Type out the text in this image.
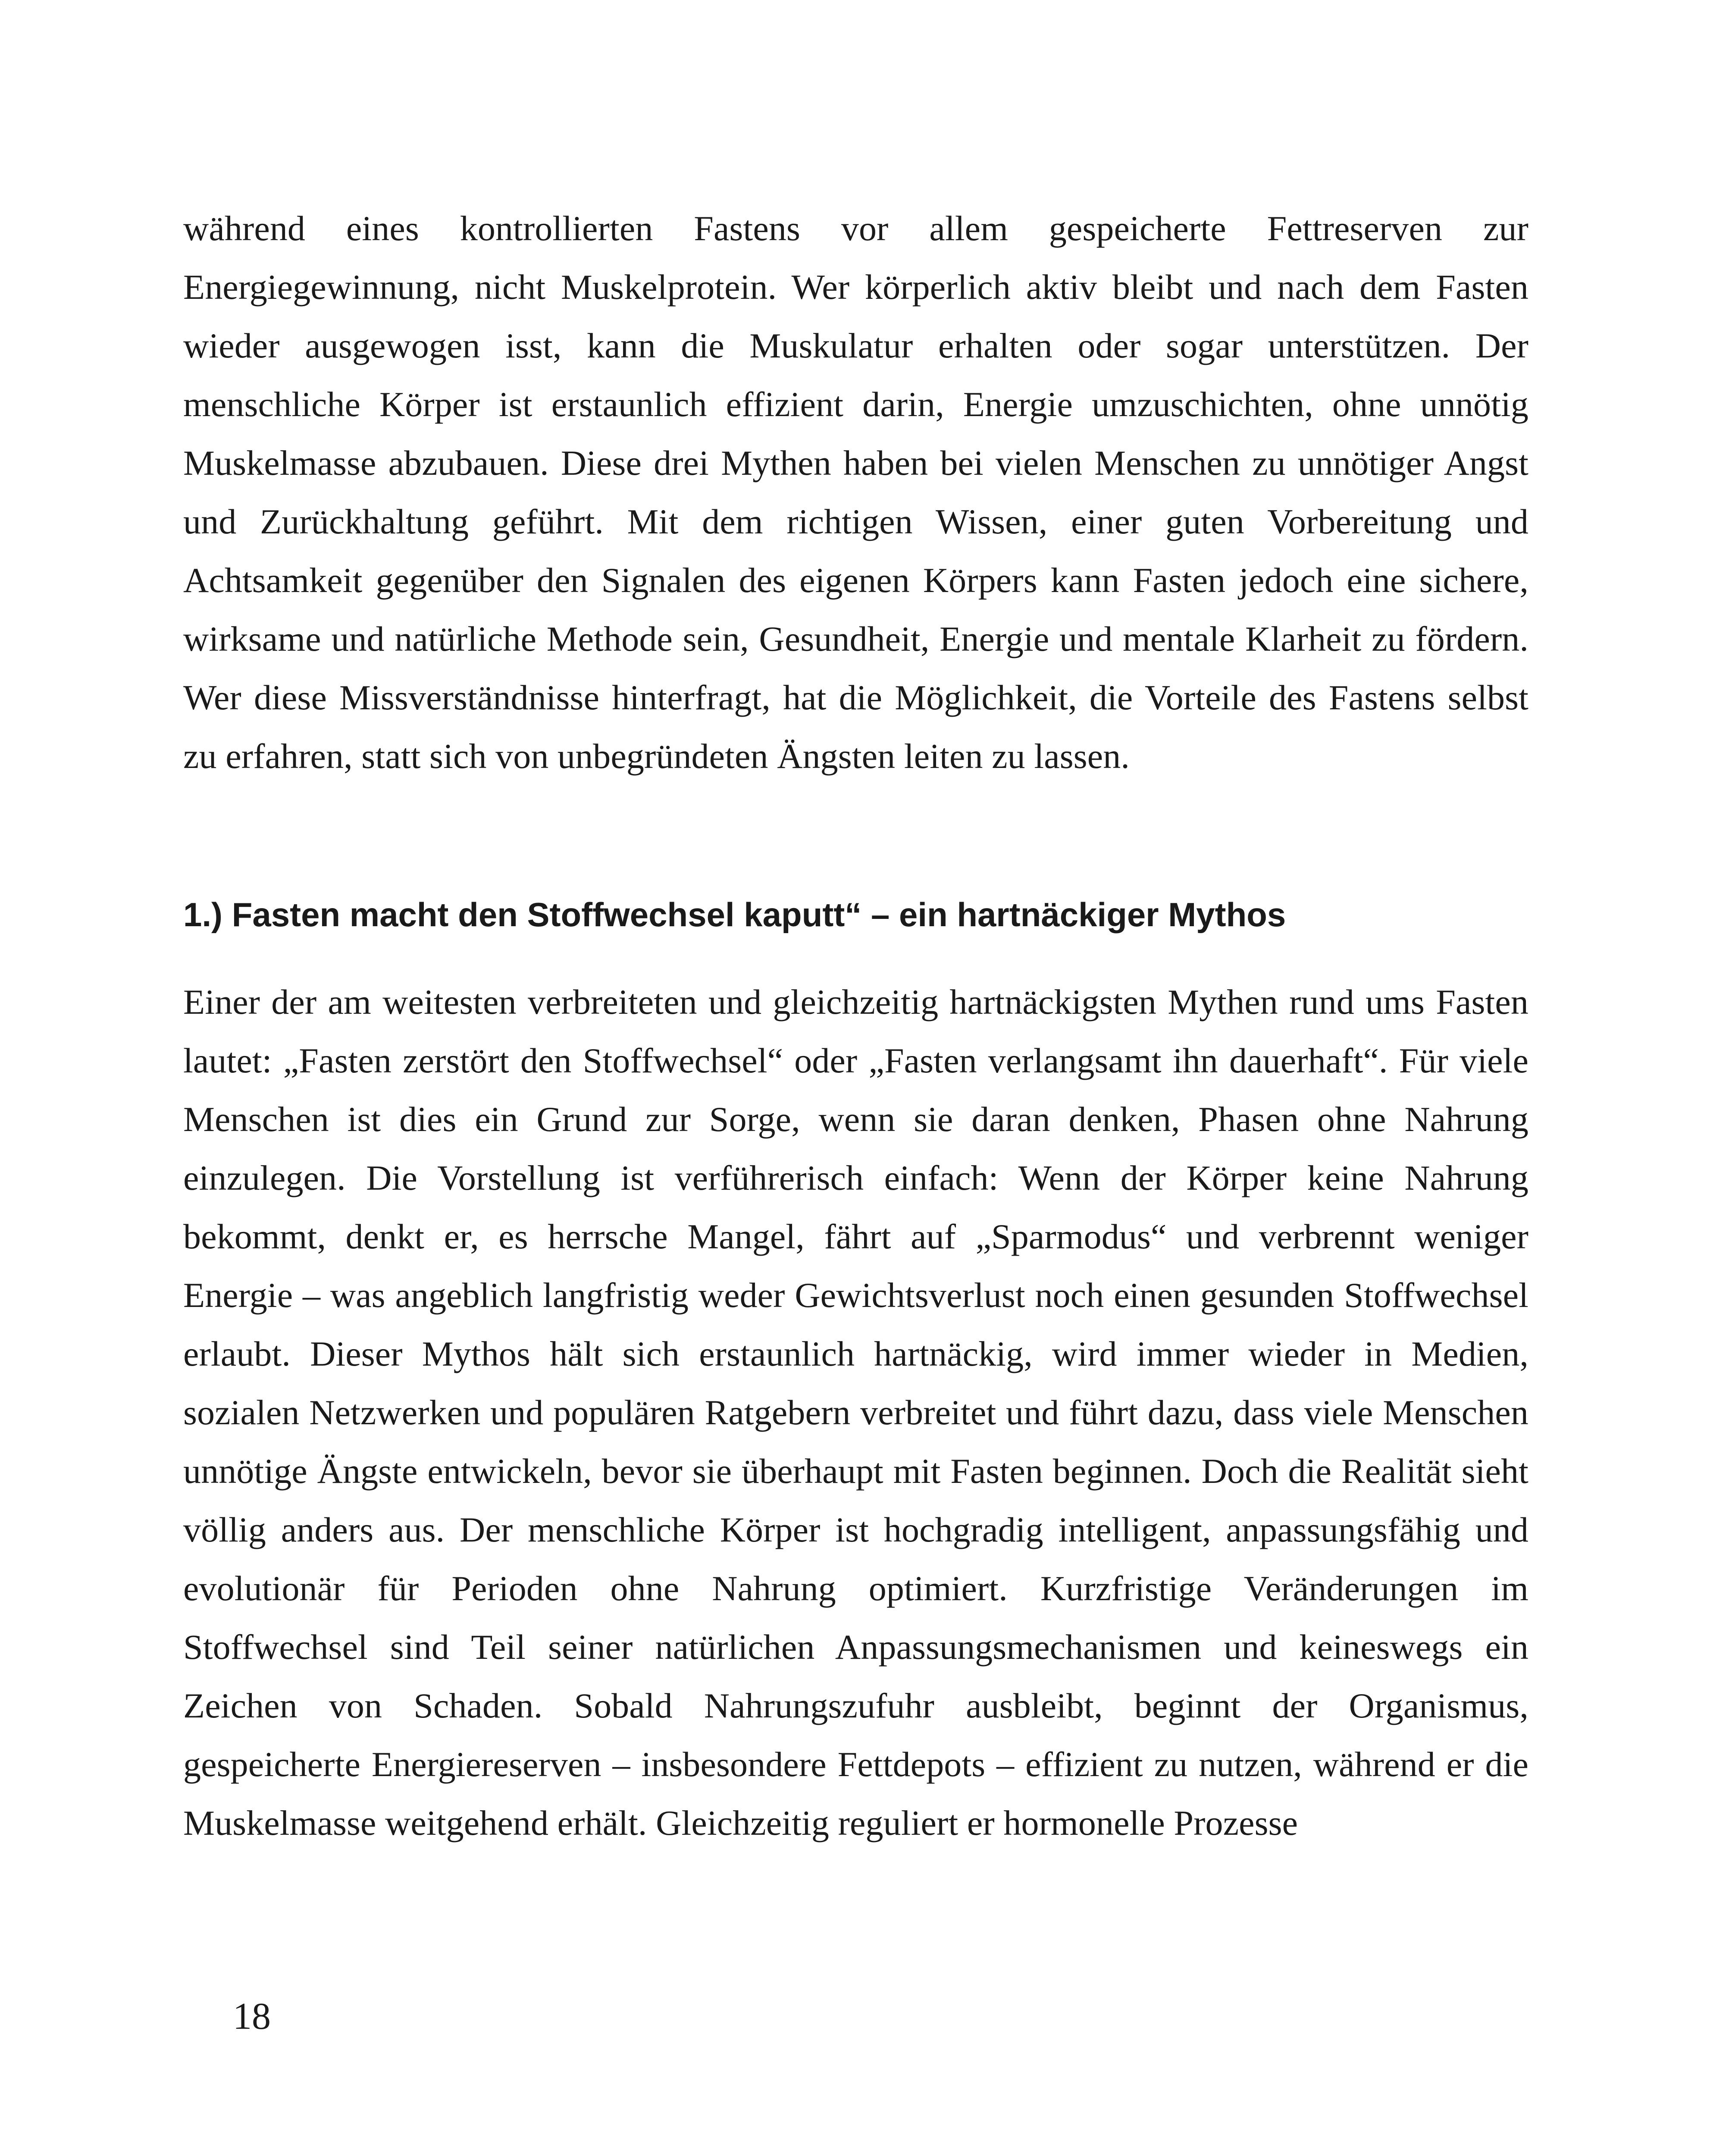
während eines kontrollierten Fastens vor allem gespeicherte Fettreserven zur Energiegewinnung, nicht Muskelprotein. Wer körperlich aktiv bleibt und nach dem Fasten wieder ausgewogen isst, kann die Muskulatur erhalten oder sogar unterstützen. Der menschliche Körper ist erstaunlich effizient darin, Energie umzuschichten, ohne unnötig Muskelmasse abzubauen. Diese drei Mythen haben bei vielen Menschen zu unnötiger Angst und Zurückhaltung geführt. Mit dem richtigen Wissen, einer guten Vorbereitung und Achtsamkeit gegenüber den Signalen des eigenen Körpers kann Fasten jedoch eine sichere, wirksame und natürliche Methode sein, Gesundheit, Energie und mentale Klarheit zu fördern. Wer diese Missverständnisse hinterfragt, hat die Möglichkeit, die Vorteile des Fastens selbst zu erfahren, statt sich von unbegründeten Ängsten leiten zu lassen.

1.) Fasten macht den Stoffwechsel kaputt“ – ein hartnäckiger Mythos

Einer der am weitesten verbreiteten und gleichzeitig hartnäckigsten Mythen rund ums Fasten lautet: „Fasten zerstört den Stoffwechsel“ oder „Fasten verlangsamt ihn dauerhaft“. Für viele Menschen ist dies ein Grund zur Sorge, wenn sie daran denken, Phasen ohne Nahrung einzulegen. Die Vorstellung ist verführerisch einfach: Wenn der Körper keine Nahrung bekommt, denkt er, es herrsche Mangel, fährt auf „Sparmodus“ und verbrennt weniger Energie – was angeblich langfristig weder Gewichtsverlust noch einen gesunden Stoffwechsel erlaubt. Dieser Mythos hält sich erstaunlich hartnäckig, wird immer wieder in Medien, sozialen Netzwerken und populären Ratgebern verbreitet und führt dazu, dass viele Menschen unnötige Ängste entwickeln, bevor sie überhaupt mit Fasten beginnen. Doch die Realität sieht völlig anders aus. Der menschliche Körper ist hochgradig intelligent, anpassungsfähig und evolutionär für Perioden ohne Nahrung optimiert. Kurzfristige Veränderungen im Stoffwechsel sind Teil seiner natürlichen Anpassungsmechanismen und keineswegs ein Zeichen von Schaden. Sobald Nahrungszufuhr ausbleibt, beginnt der Organismus, gespeicherte Energiereserven – insbesondere Fettdepots – effizient zu nutzen, während er die Muskelmasse weitgehend erhält. Gleichzeitig reguliert er hormonelle Prozesse

18
